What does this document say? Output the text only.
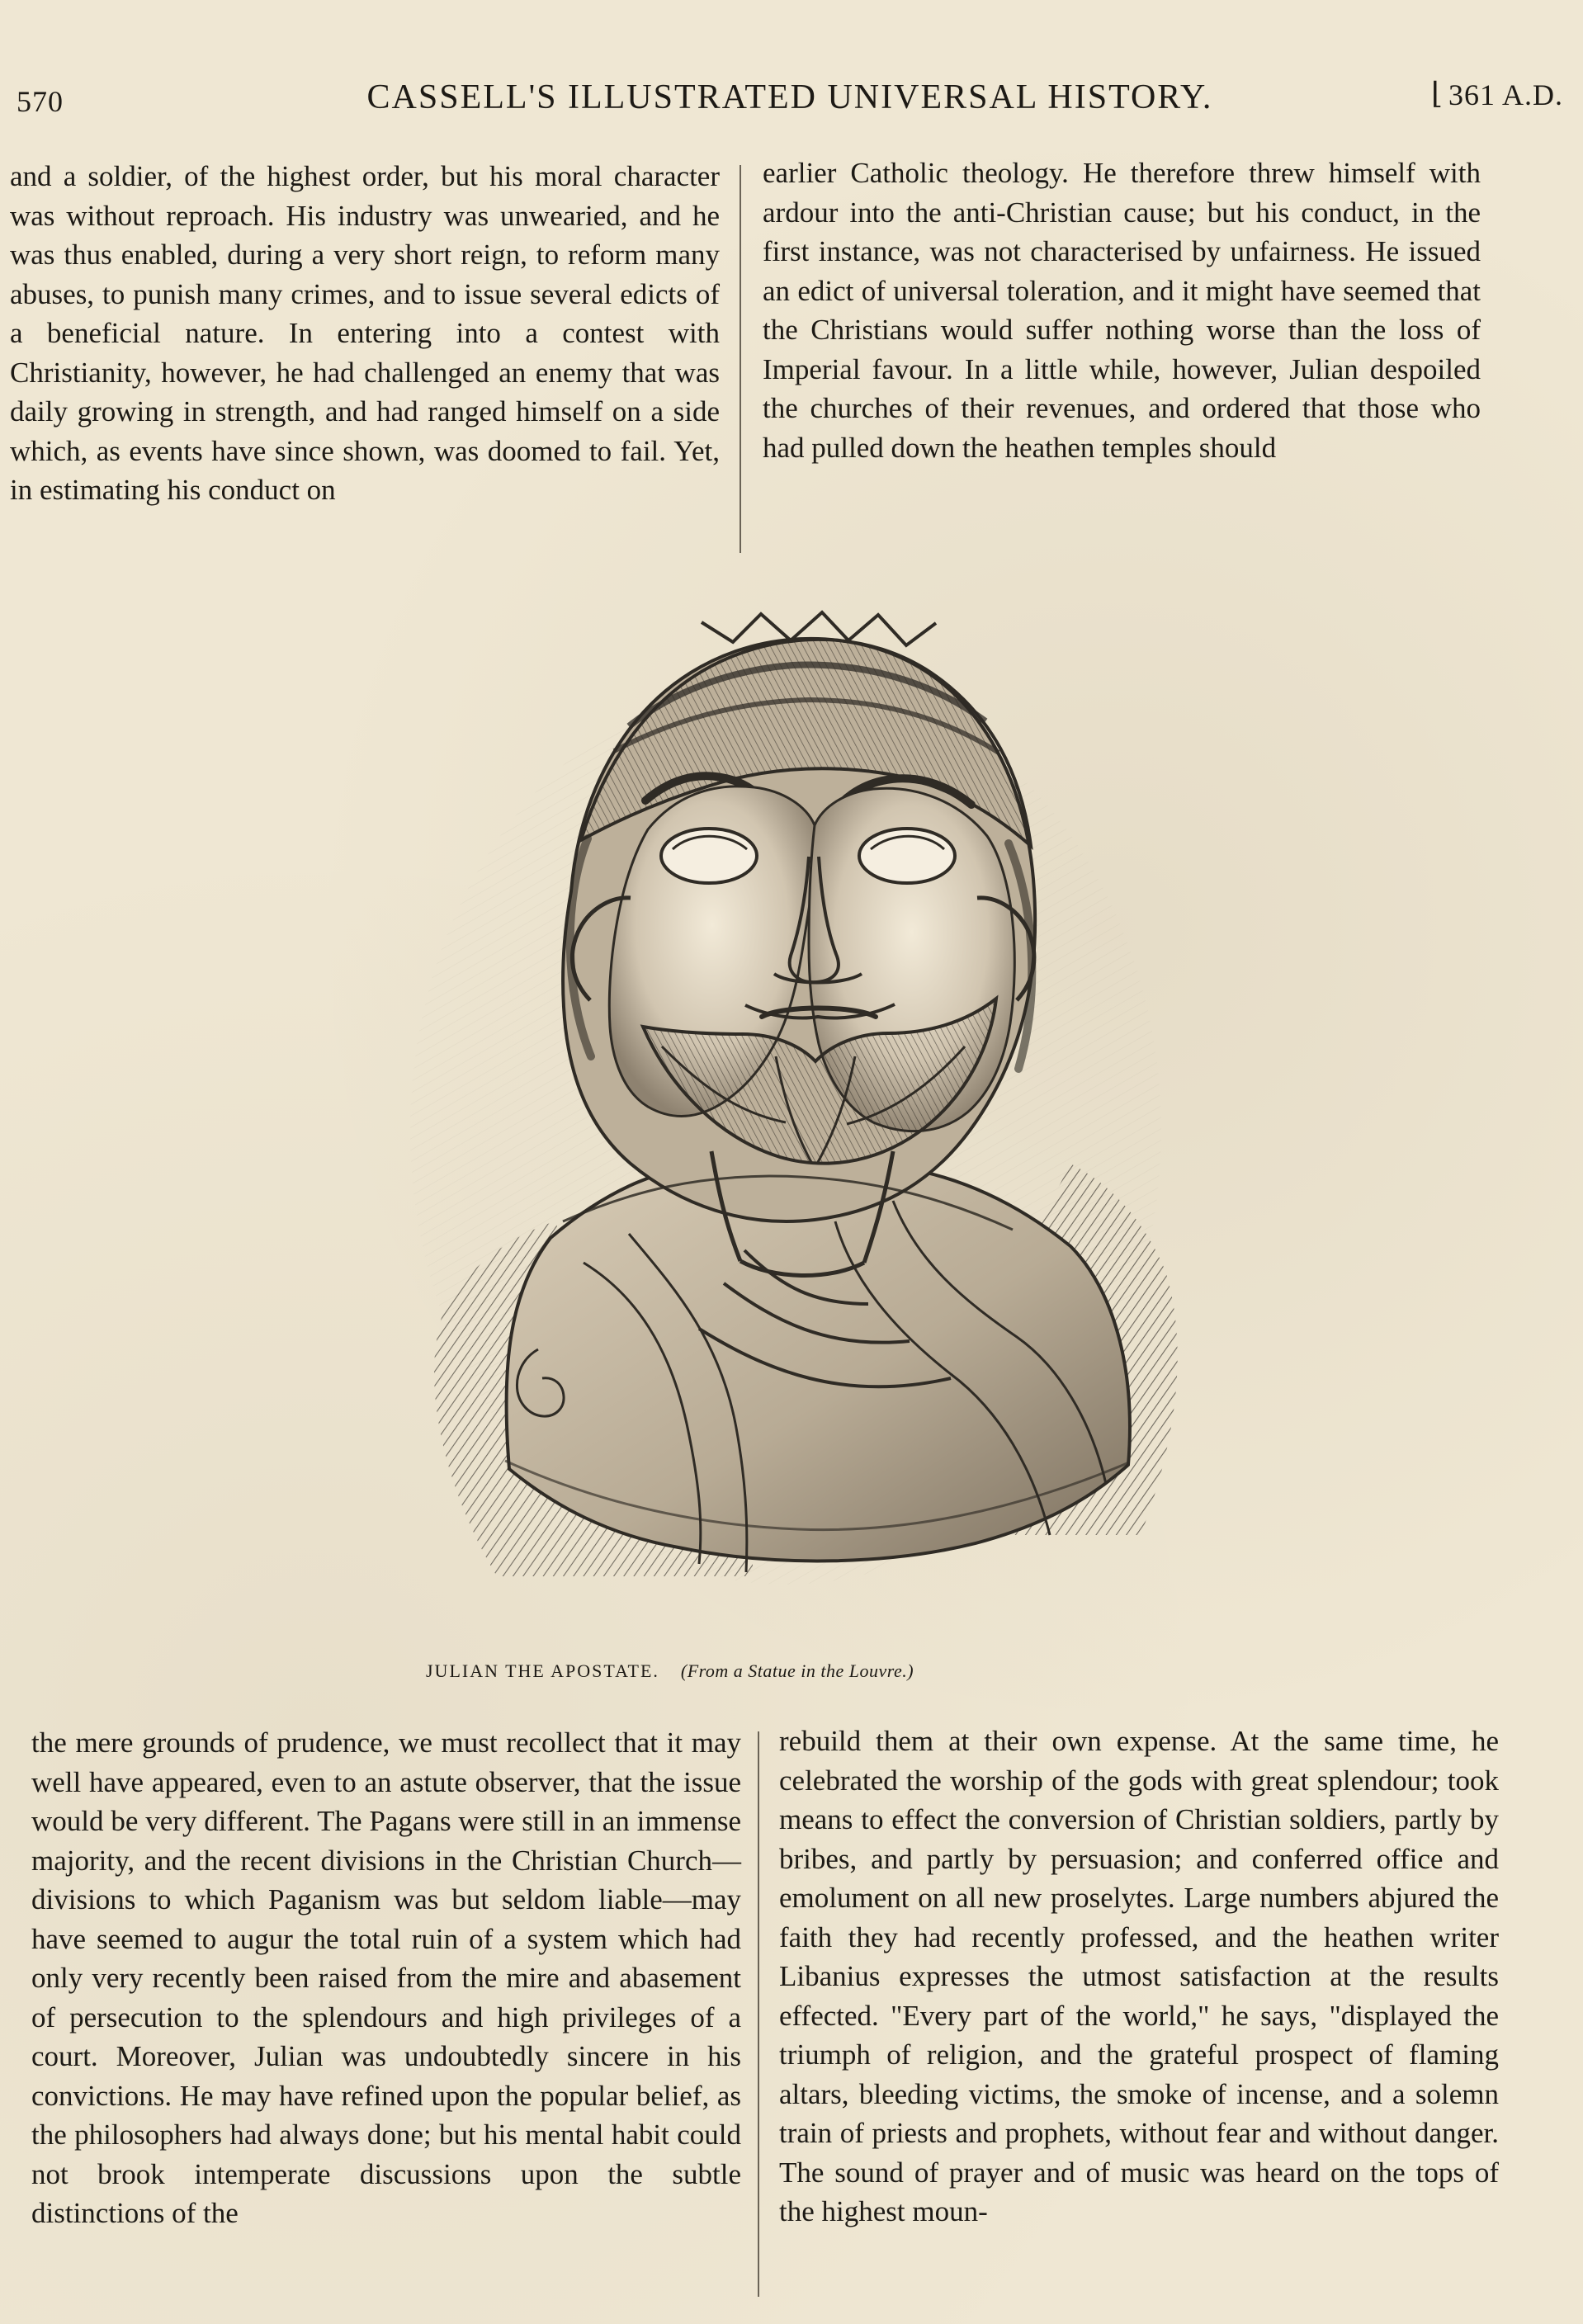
570	CASSELL'S ILLUSTRATED UNIVERSAL HISTORY.	⌊ 361 A.D.
and a soldier, of the highest order, but his moral character was without reproach. His industry was unwearied, and he was thus enabled, during a very short reign, to reform many abuses, to punish many crimes, and to issue several edicts of a beneficial nature. In entering into a contest with Christianity, however, he had challenged an enemy that was daily growing in strength, and had ranged himself on a side which, as events have since shown, was doomed to fail. Yet, in estimating his conduct on
earlier Catholic theology. He therefore threw himself with ardour into the anti-Christian cause; but his conduct, in the first instance, was not characterised by unfairness. He issued an edict of universal toleration, and it might have seemed that the Christians would suffer nothing worse than the loss of Imperial favour. In a little while, however, Julian despoiled the churches of their revenues, and ordered that those who had pulled down the heathen temples should
JULIAN THE APOSTATE. (From a Statue in the Louvre.)
the mere grounds of prudence, we must recollect that it may well have appeared, even to an astute observer, that the issue would be very different. The Pagans were still in an immense majority, and the recent divisions in the Christian Church—divisions to which Paganism was but seldom liable—may have seemed to augur the total ruin of a system which had only very recently been raised from the mire and abasement of persecution to the splendours and high privileges of a court. Moreover, Julian was undoubtedly sincere in his convictions. He may have refined upon the popular belief, as the philosophers had always done; but his mental habit could not brook intemperate discussions upon the subtle distinctions of the
rebuild them at their own expense. At the same time, he celebrated the worship of the gods with great splendour; took means to effect the conversion of Christian soldiers, partly by bribes, and partly by persuasion; and conferred office and emolument on all new proselytes. Large numbers abjured the faith they had recently professed, and the heathen writer Libanius expresses the utmost satisfaction at the results effected. "Every part of the world," he says, "displayed the triumph of religion, and the grateful prospect of flaming altars, bleeding victims, the smoke of incense, and a solemn train of priests and prophets, without fear and without danger. The sound of prayer and of music was heard on the tops of the highest moun-
